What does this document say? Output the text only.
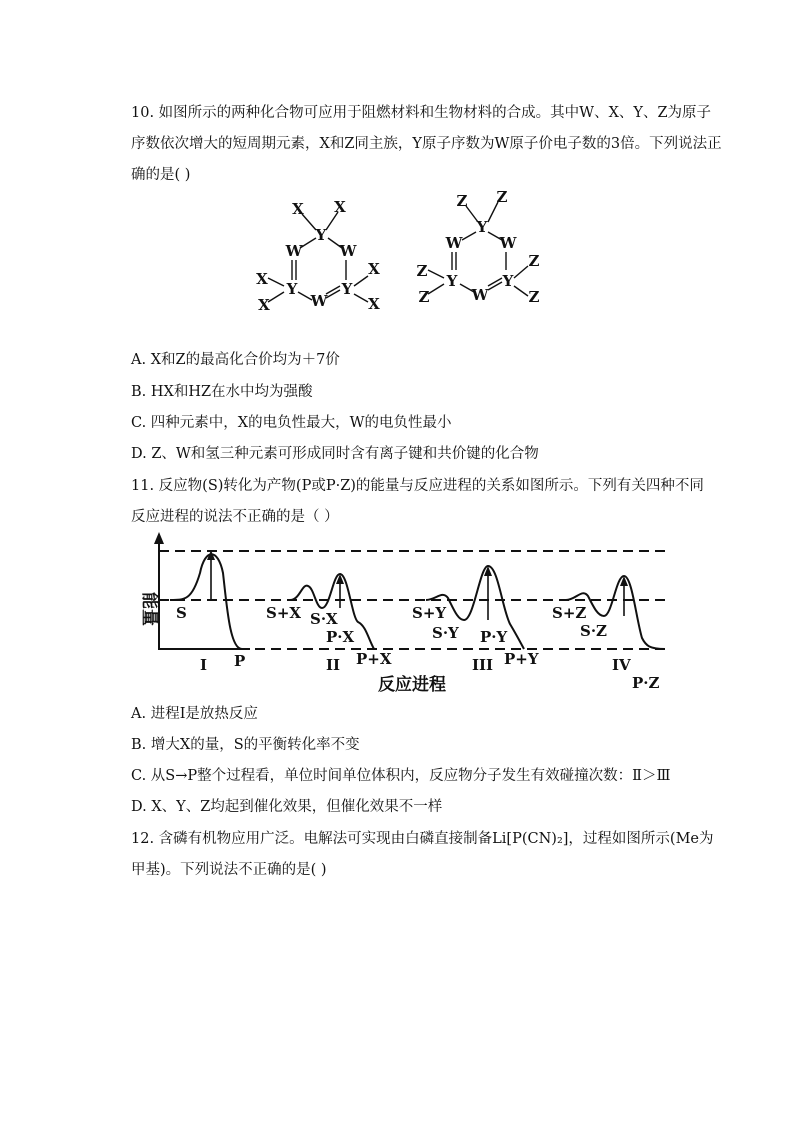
10. 如图所示的两种化合物可应用于阻燃材料和生物材料的合成。其中W、X、Y、Z为原子
序数依次增大的短周期元素，X和Z同主族，Y原子序数为W原子价电子数的3倍。下列说法正
确的是( )
X X
Y
W W
X
X
Y
W
Y
X
X
Z Z
Y
W W
Z
Z
Y
W
Y
Z
Z
A. X和Z的最高化合价均为＋7价
B. HX和HZ在水中均为强酸
C. 四种元素中，X的电负性最大，W的电负性最小
D. Z、W和氢三种元素可形成同时含有离子键和共价键的化合物
11. 反应物(S)转化为产物(P或P·Z)的能量与反应进程的关系如图所示。下列有关四种不同
反应进程的说法不正确的是（ ）
能量
反应进程
S
P
I
S+X S·X
P·X
P+X
II
S+Y
S·Y P·Y
P+Y
III
S+Z
S·Z
IV
P·Z
A. 进程Ⅰ是放热反应
B. 增大X的量，S的平衡转化率不变
C. 从S→P整个过程看，单位时间单位体积内，反应物分子发生有效碰撞次数：Ⅱ＞Ⅲ
D. X、Y、Z均起到催化效果，但催化效果不一样
12. 含磷有机物应用广泛。电解法可实现由白磷直接制备Li[P(CN)₂]，过程如图所示(Me为
甲基)。下列说法不正确的是( )
